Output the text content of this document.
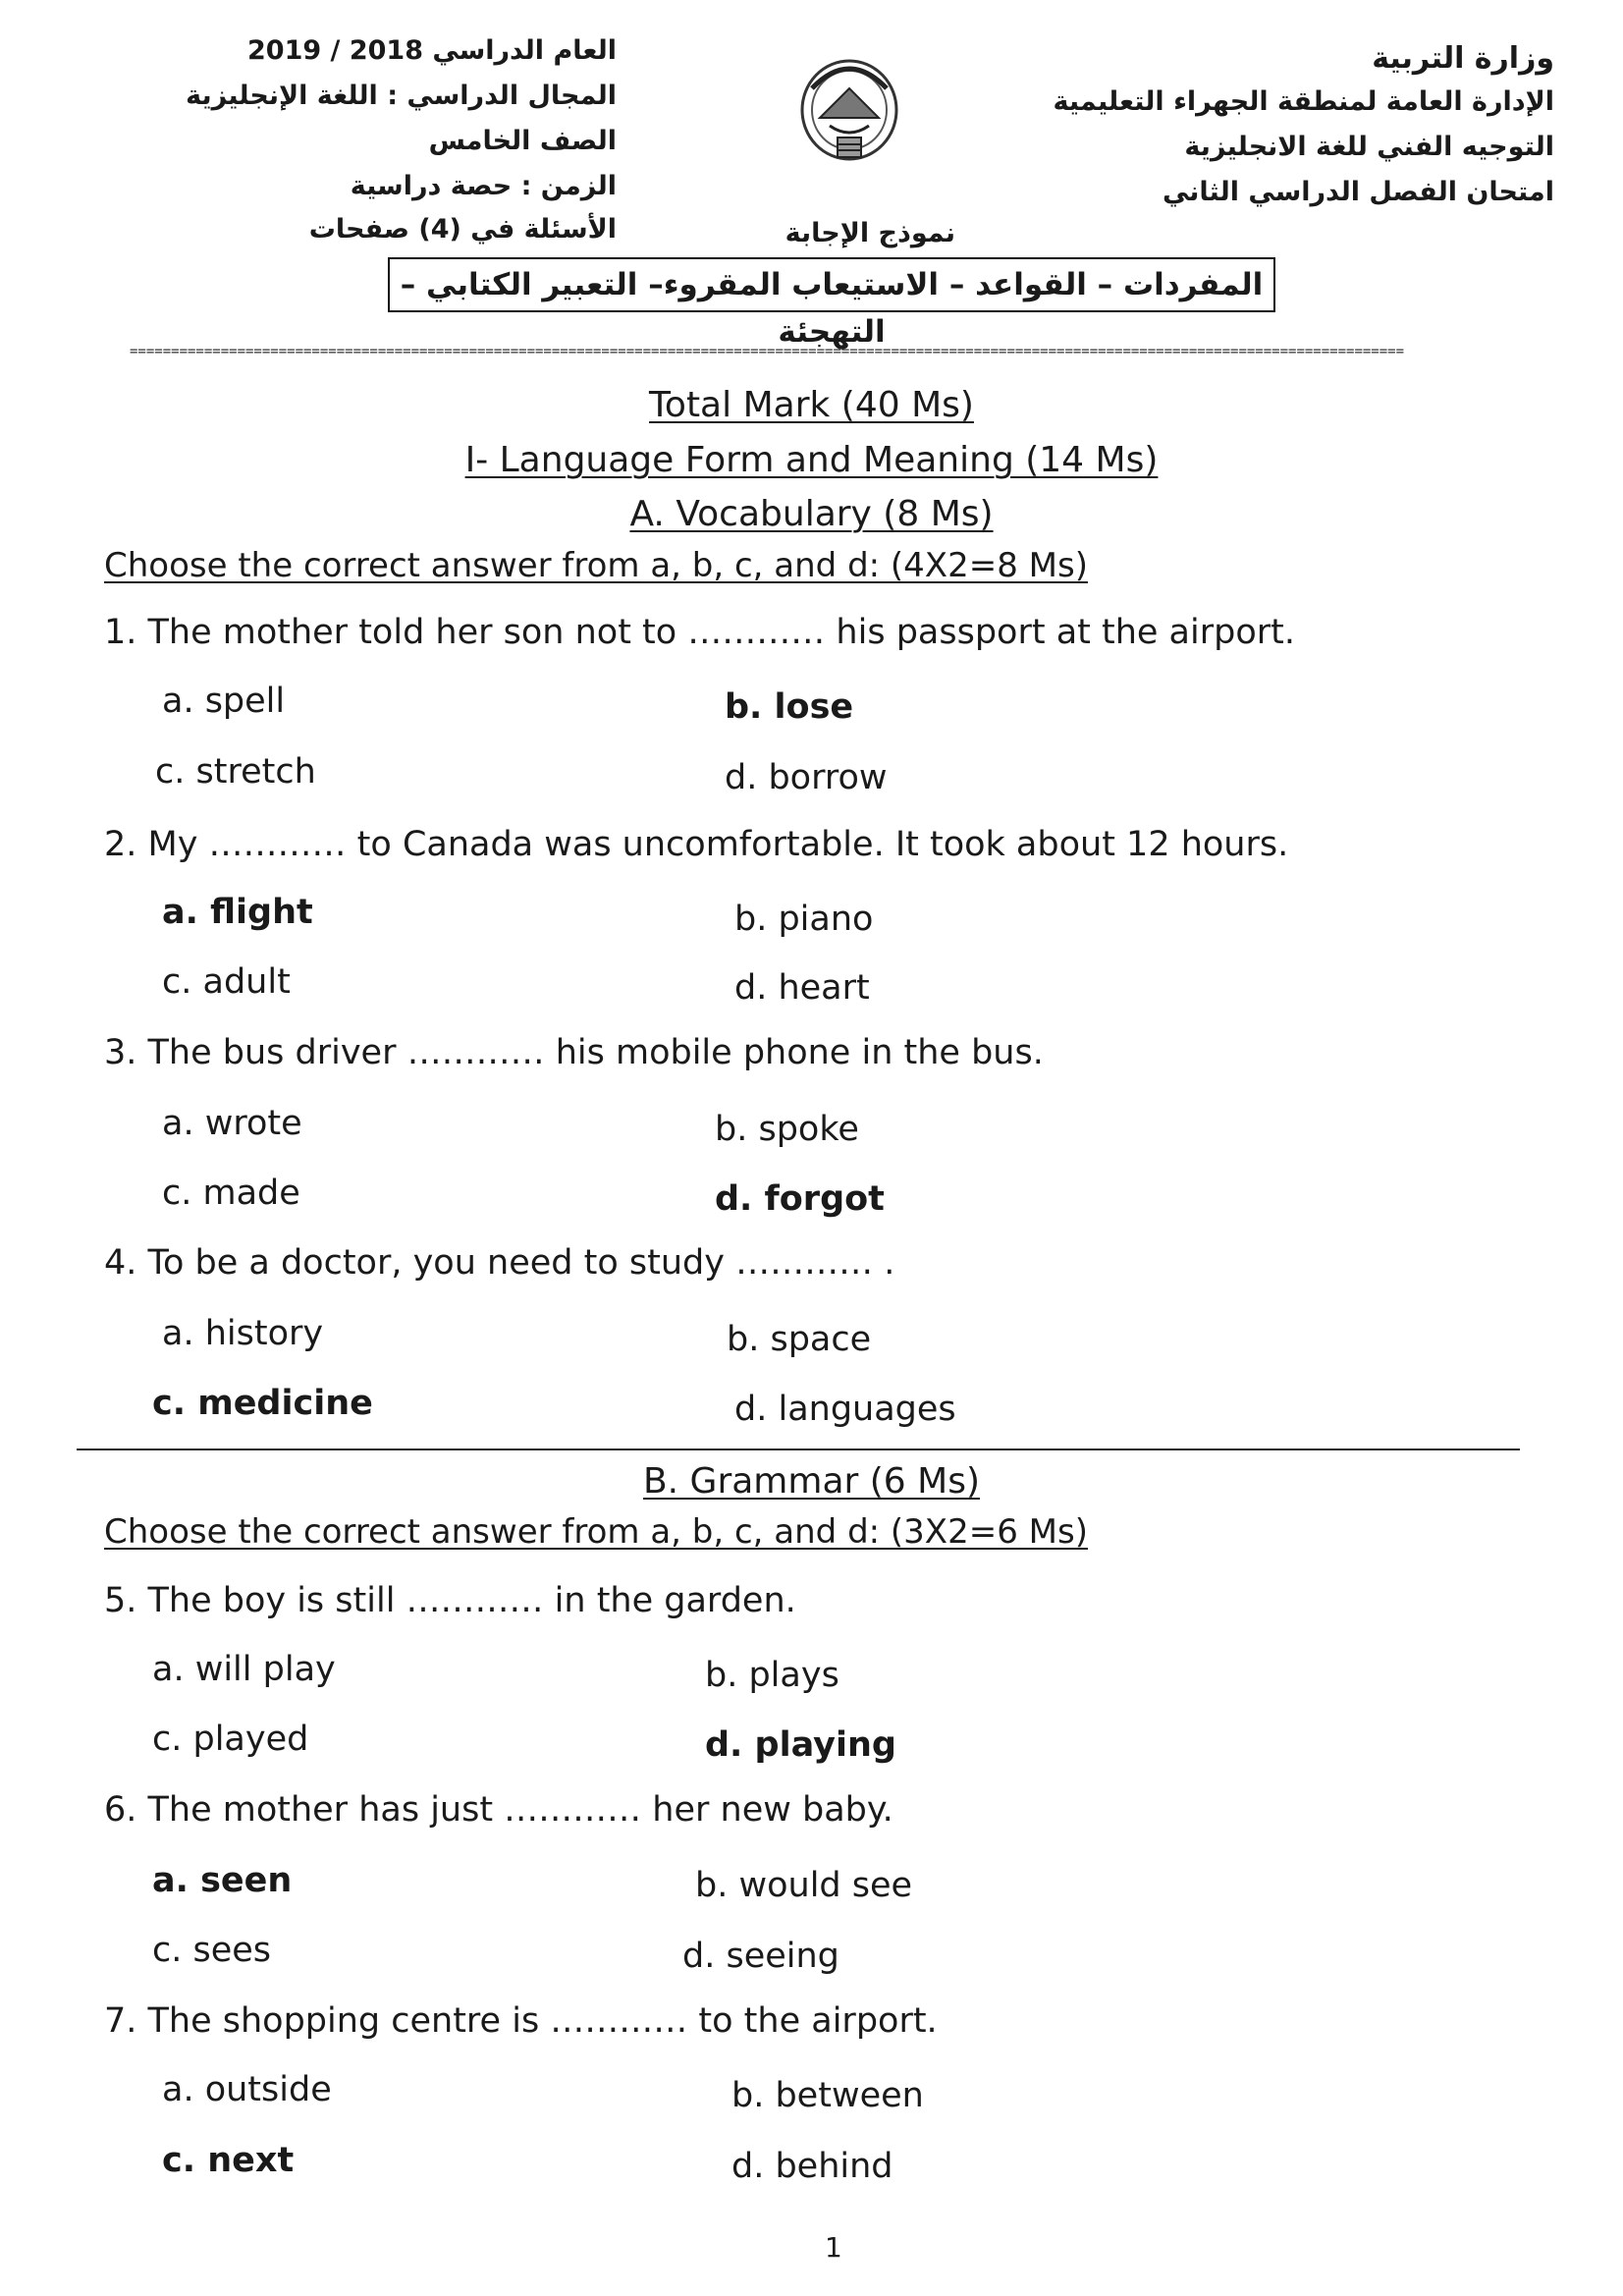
وزارة التربية
الإدارة العامة لمنطقة الجهراء التعليمية
التوجيه الفني للغة الانجليزية
امتحان الفصل الدراسي الثاني
العام الدراسي 2018 / 2019
المجال الدراسي : اللغة الإنجليزية
الصف الخامس
الزمن : حصة دراسية
الأسئلة في (4) صفحات	نموذج الإجابة
المفردات – القواعد – الاستيعاب المقروء– التعبير الكتابي – التهجئة
==========================================================================================================================================================
Total Mark (40 Ms)
I- Language Form and Meaning (14 Ms)
A. Vocabulary (8 Ms)
Choose the correct answer from a, b, c, and d: (4X2=8 Ms)
1. The mother told her son not to ………… his passport at the airport.
a. spell	b. lose
c. stretch	d. borrow
2. My ………… to Canada was uncomfortable. It took about 12 hours.
a. flight	b. piano
c. adult	d. heart
3. The bus driver ………… his mobile phone in the bus.
a. wrote	b. spoke
c. made	d. forgot
4. To be a doctor, you need to study ………… .
a. history	b. space
c. medicine	d. languages
B. Grammar (6 Ms)
Choose the correct answer from a, b, c, and d: (3X2=6 Ms)
5. The boy is still ………… in the garden.
a. will play	b. plays
c. played	d. playing
6. The mother has just ………… her new baby.
a. seen	b. would see
c. sees	d. seeing
7. The shopping centre is ………… to the airport.
a. outside	b. between
c. next	d. behind
1
